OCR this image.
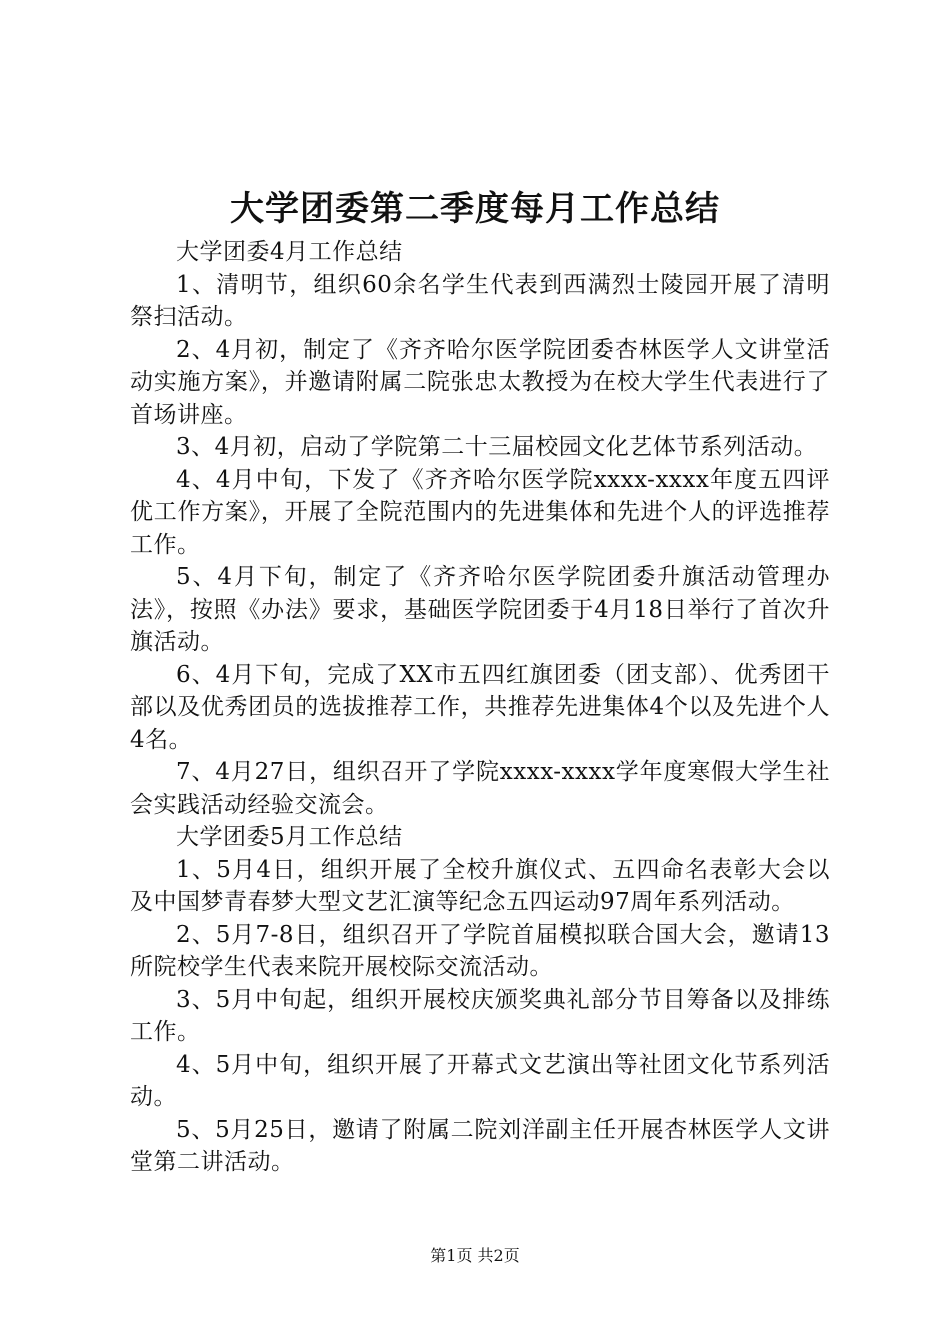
大学团委第二季度每月工作总结

大学团委4月工作总结

1、清明节，组织60余名学生代表到西满烈士陵园开展了清明祭扫活动。

2、4月初，制定了《齐齐哈尔医学院团委杏林医学人文讲堂活动实施方案》，并邀请附属二院张忠太教授为在校大学生代表进行了首场讲座。

3、4月初，启动了学院第二十三届校园文化艺体节系列活动。

4、4月中旬，下发了《齐齐哈尔医学院xxxx-xxxx年度五四评优工作方案》，开展了全院范围内的先进集体和先进个人的评选推荐工作。

5、4月下旬，制定了《齐齐哈尔医学院团委升旗活动管理办法》，按照《办法》要求，基础医学院团委于4月18日举行了首次升旗活动。

6、4月下旬，完成了XX市五四红旗团委（团支部）、优秀团干部以及优秀团员的选拔推荐工作，共推荐先进集体4个以及先进个人4名。

7、4月27日，组织召开了学院xxxx-xxxx学年度寒假大学生社会实践活动经验交流会。

大学团委5月工作总结

1、5月4日，组织开展了全校升旗仪式、五四命名表彰大会以及中国梦青春梦大型文艺汇演等纪念五四运动97周年系列活动。

2、5月7-8日，组织召开了学院首届模拟联合国大会，邀请13所院校学生代表来院开展校际交流活动。

3、5月中旬起，组织开展校庆颁奖典礼部分节目筹备以及排练工作。

4、5月中旬，组织开展了开幕式文艺演出等社团文化节系列活动。

5、5月25日，邀请了附属二院刘洋副主任开展杏林医学人文讲堂第二讲活动。

第1页 共2页
